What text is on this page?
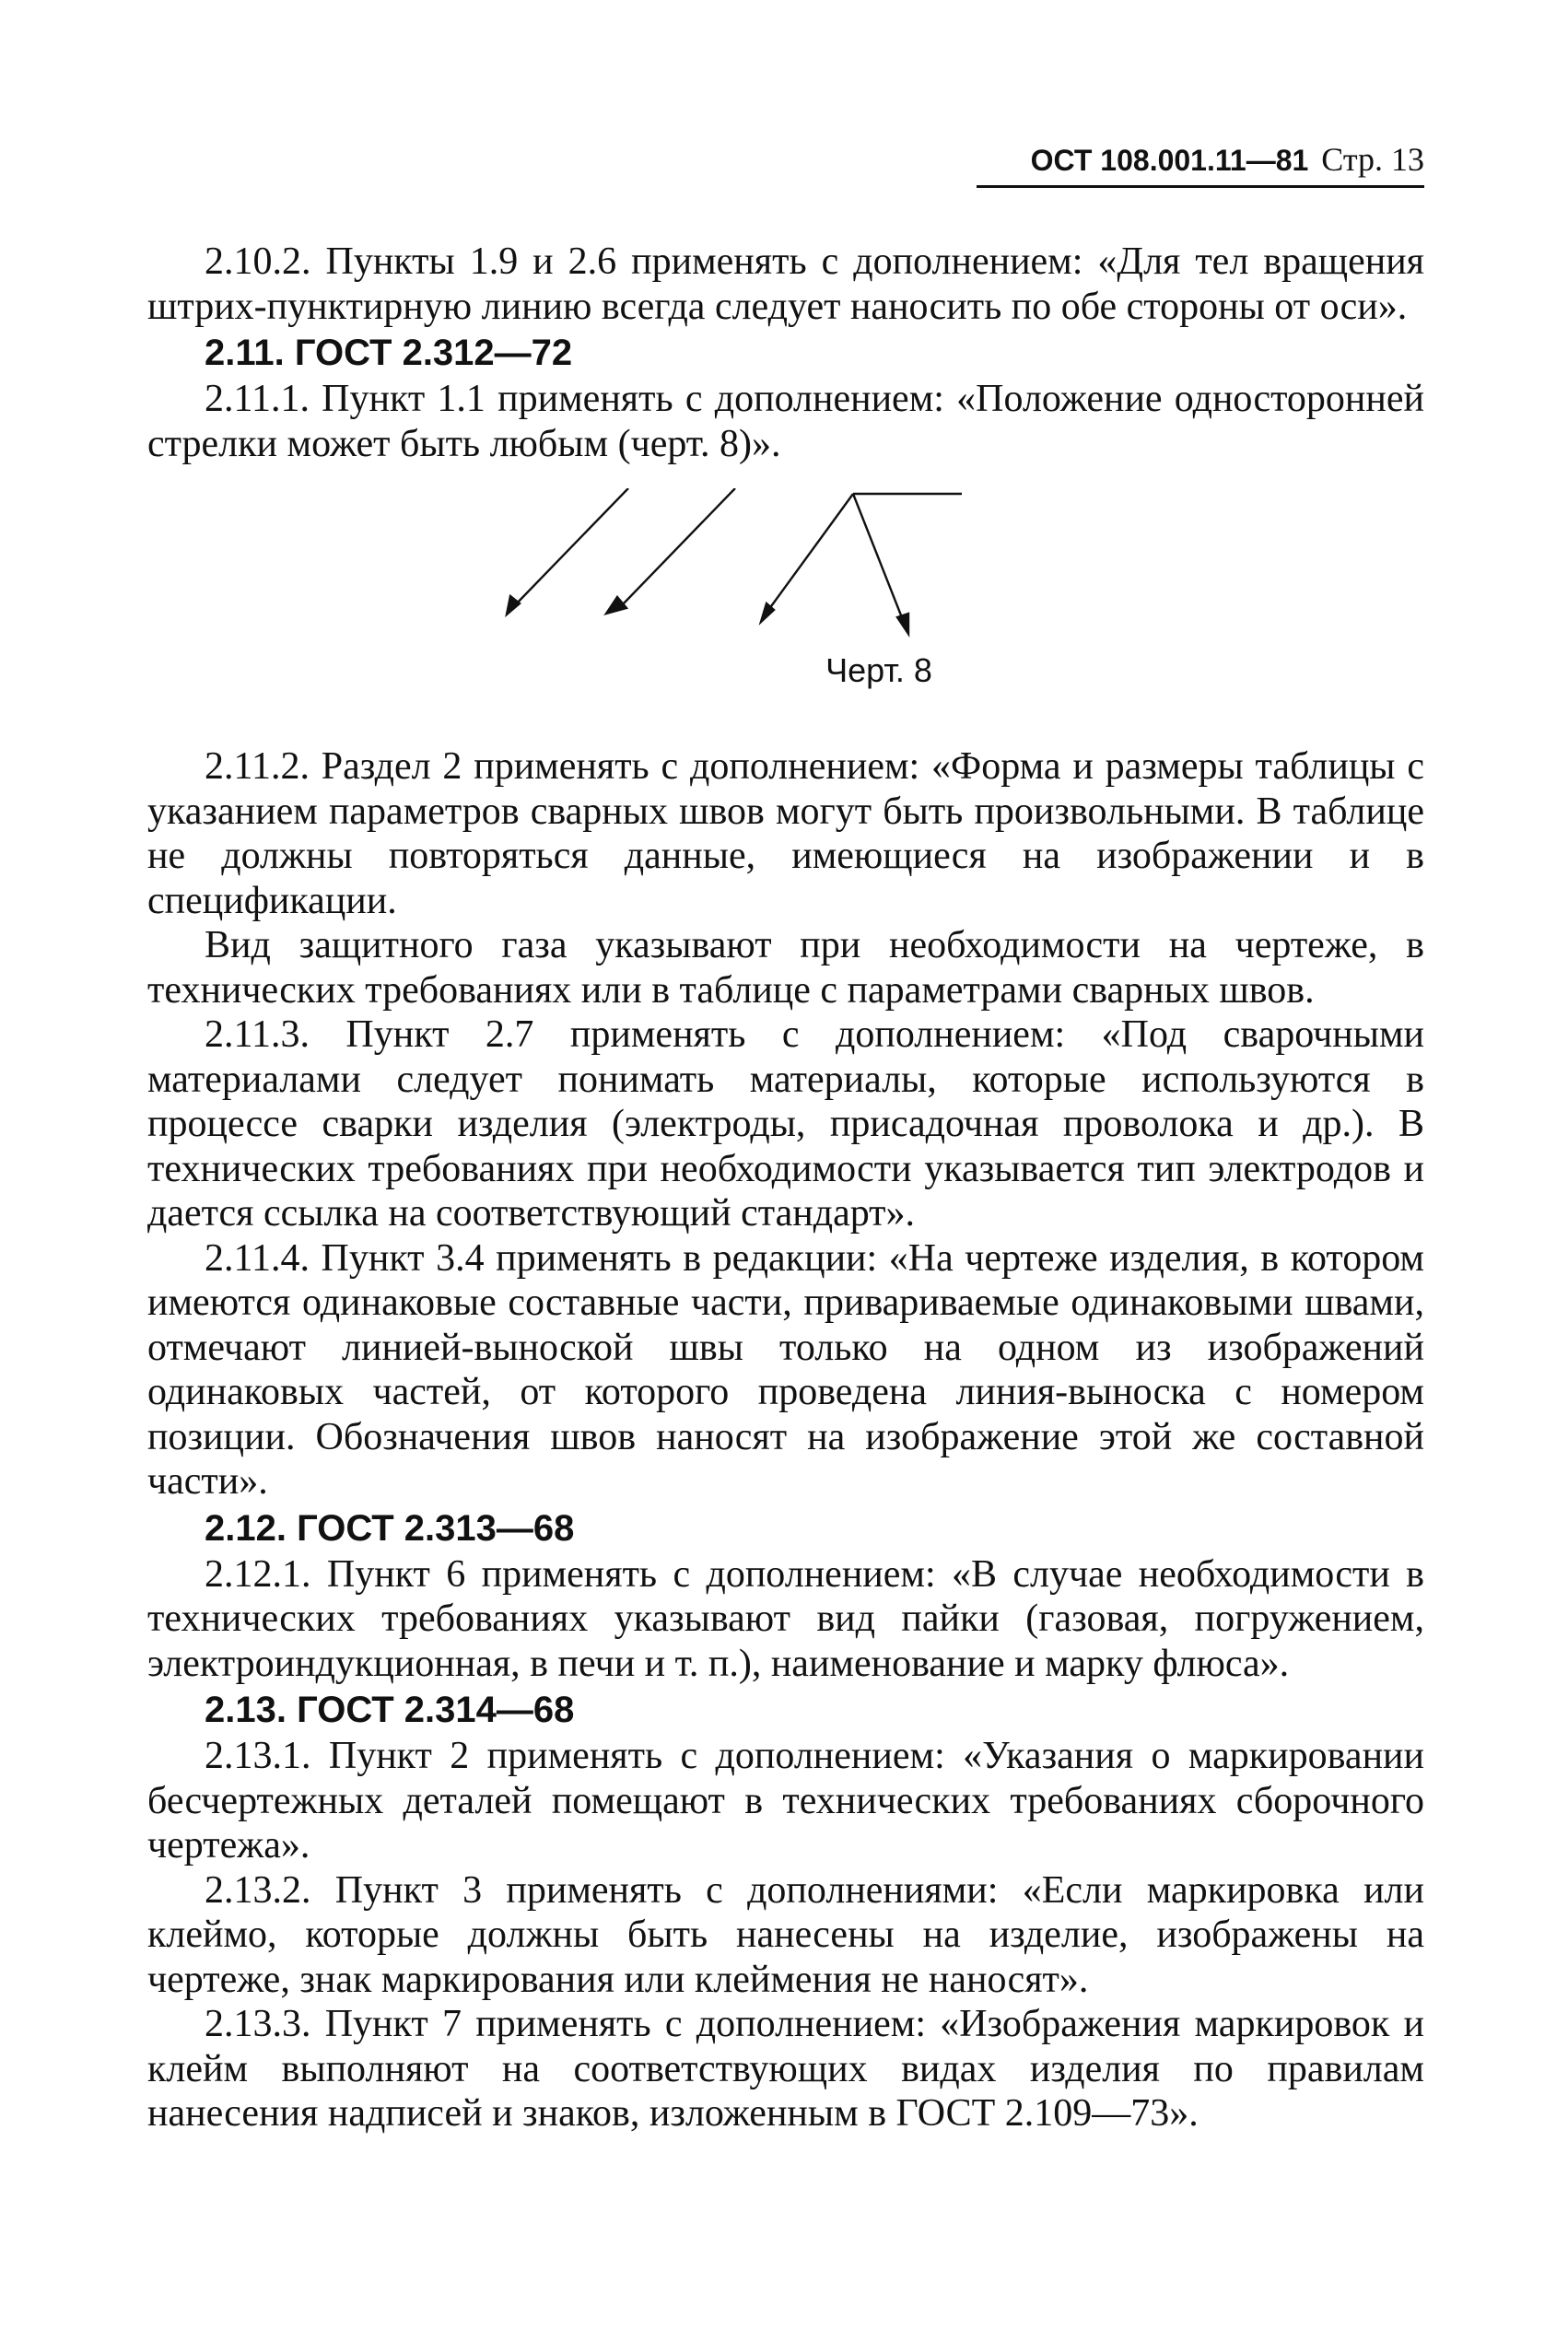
ОСТ 108.001.11—81 Стр. 13

2.10.2. Пункты 1.9 и 2.6 применять с дополнением: «Для тел вращения штрих-пунктирную линию всегда следует наносить по обе стороны от оси».

2.11. ГОСТ 2.312—72

2.11.1. Пункт 1.1 применять с дополнением: «Положение односторонней стрелки может быть любым (черт. 8)».

Черт. 8

2.11.2. Раздел 2 применять с дополнением: «Форма и размеры таблицы с указанием параметров сварных швов могут быть произвольными. В таблице не должны повторяться данные, имеющиеся на изображении и в спецификации.

Вид защитного газа указывают при необходимости на чертеже, в технических требованиях или в таблице с параметрами сварных швов.

2.11.3. Пункт 2.7 применять с дополнением: «Под сварочными материалами следует понимать материалы, которые используются в процессе сварки изделия (электроды, присадочная проволока и др.). В технических требованиях при необходимости указывается тип электродов и дается ссылка на соответствующий стандарт».

2.11.4. Пункт 3.4 применять в редакции: «На чертеже изделия, в котором имеются одинаковые составные части, привариваемые одинаковыми швами, отмечают линией-выноской швы только на одном из изображений одинаковых частей, от которого проведена линия-выноска с номером позиции. Обозначения швов наносят на изображение этой же составной части».

2.12. ГОСТ 2.313—68

2.12.1. Пункт 6 применять с дополнением: «В случае необходимости в технических требованиях указывают вид пайки (газовая, погружением, электроиндукционная, в печи и т. п.), наименование и марку флюса».

2.13. ГОСТ 2.314—68

2.13.1. Пункт 2 применять с дополнением: «Указания о маркировании бесчертежных деталей помещают в технических требованиях сборочного чертежа».

2.13.2. Пункт 3 применять с дополнениями: «Если маркировка или клеймо, которые должны быть нанесены на изделие, изображены на чертеже, знак маркирования или клеймения не наносят».

2.13.3. Пункт 7 применять с дополнением: «Изображения маркировок и клейм выполняют на соответствующих видах изделия по правилам нанесения надписей и знаков, изложенным в ГОСТ 2.109—73».
